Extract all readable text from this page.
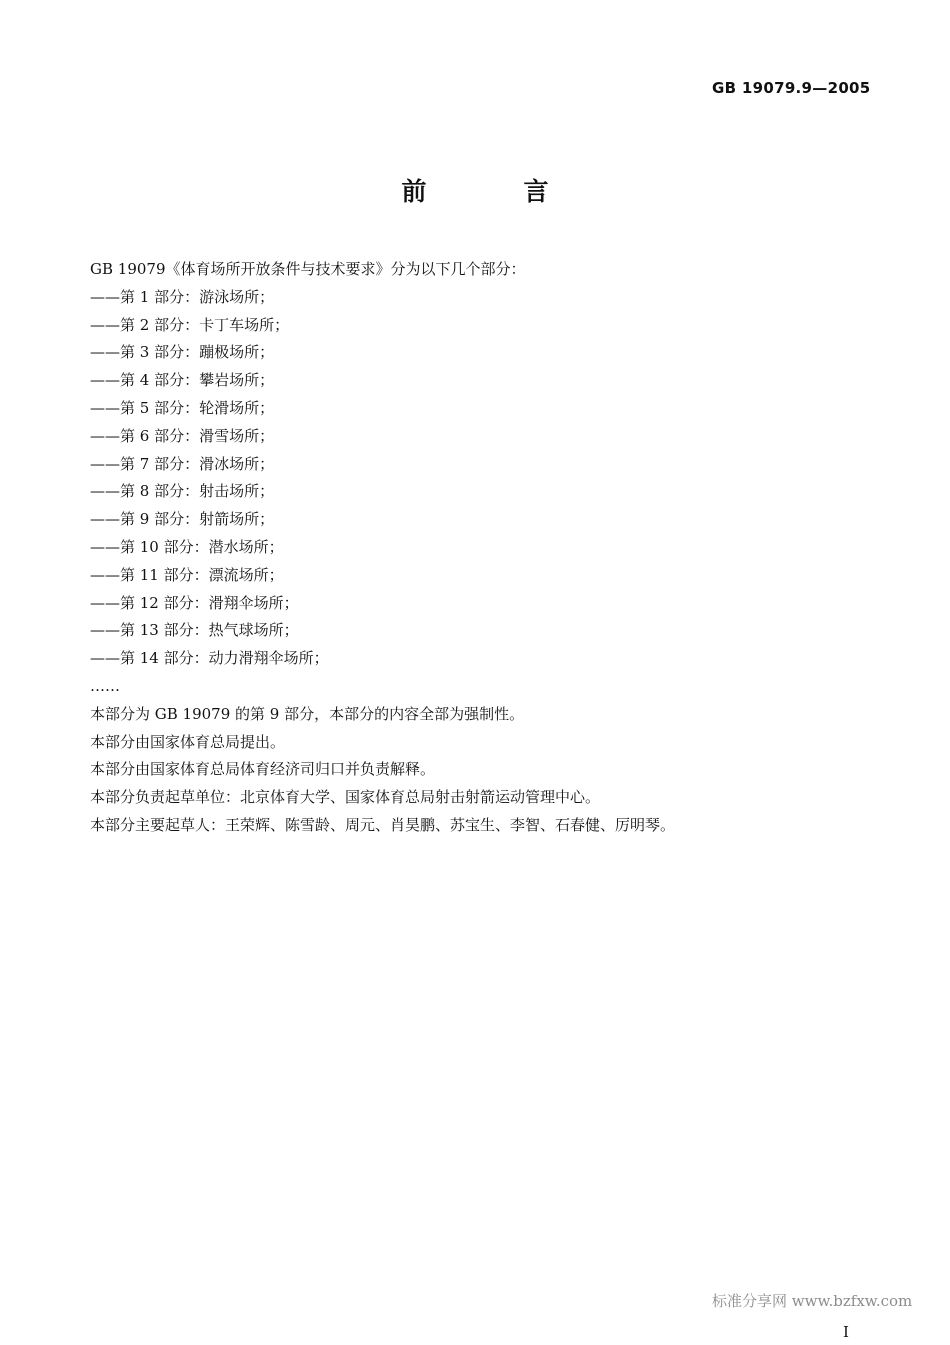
GB 19079.9—2005
前　言

GB 19079《体育场所开放条件与技术要求》分为以下几个部分：

——第 1 部分：游泳场所；

——第 2 部分：卡丁车场所；

——第 3 部分：蹦极场所；

——第 4 部分：攀岩场所；

——第 5 部分：轮滑场所；

——第 6 部分：滑雪场所；

——第 7 部分：滑冰场所；

——第 8 部分：射击场所；

——第 9 部分：射箭场所；

——第 10 部分：潜水场所；

——第 11 部分：漂流场所；

——第 12 部分：滑翔伞场所；

——第 13 部分：热气球场所；

——第 14 部分：动力滑翔伞场所；

……

本部分为 GB 19079 的第 9 部分，本部分的内容全部为强制性。

本部分由国家体育总局提出。

本部分由国家体育总局体育经济司归口并负责解释。

本部分负责起草单位：北京体育大学、国家体育总局射击射箭运动管理中心。

本部分主要起草人：王荣辉、陈雪龄、周元、肖昊鹏、苏宝生、李智、石春健、厉明琴。

标准分享网 www.bzfxw.com
I
